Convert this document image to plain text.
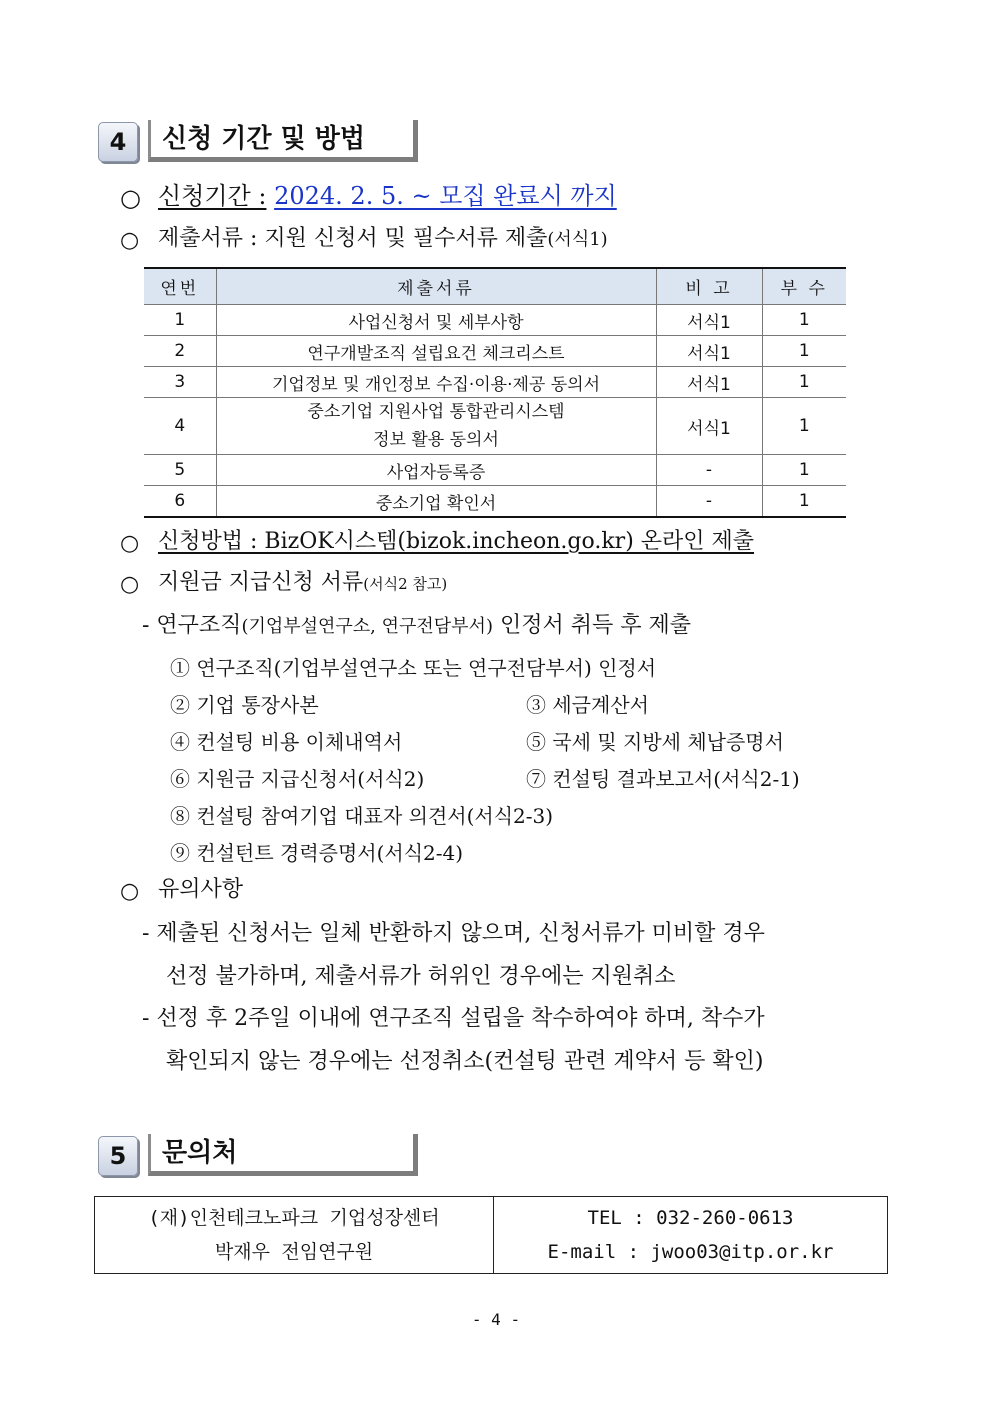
4	신청 기간 및 방법
○ 신청기간 : 2024. 2. 5. ~ 모집 완료시 까지
○ 제출서류 : 지원 신청서 및 필수서류 제출(서식1)
연번	제출서류	비 고	부 수
1	사업신청서 및 세부사항	서식1	1
2	연구개발조직 설립요건 체크리스트	서식1	1
3	기업정보 및 개인정보 수집·이용·제공 동의서	서식1	1
4	중소기업 지원사업 통합관리시스템
정보 활용 동의서	서식1	1
5	사업자등록증	-	1
6	중소기업 확인서	-	1
○ 신청방법 : BizOK시스템(bizok.incheon.go.kr) 온라인 제출
○ 지원금 지급신청 서류(서식2 참고)
- 연구조직(기업부설연구소, 연구전담부서) 인정서 취득 후 제출
① 연구조직(기업부설연구소 또는 연구전담부서) 인정서
② 기업 통장사본	③ 세금계산서
④ 컨설팅 비용 이체내역서	⑤ 국세 및 지방세 체납증명서
⑥ 지원금 지급신청서(서식2)	⑦ 컨설팅 결과보고서(서식2-1)
⑧ 컨설팅 참여기업 대표자 의견서(서식2-3)
⑨ 컨설턴트 경력증명서(서식2-4)
○ 유의사항
- 제출된 신청서는 일체 반환하지 않으며, 신청서류가 미비할 경우
선정 불가하며, 제출서류가 허위인 경우에는 지원취소
- 선정 후 2주일 이내에 연구조직 설립을 착수하여야 하며, 착수가
확인되지 않는 경우에는 선정취소(컨설팅 관련 계약서 등 확인)
5	문의처
(재)인천테크노파크 기업성장센터
박재우 전임연구원

TEL : 032-260-0613
E-mail : jwoo03@itp.or.kr
- 4 -
